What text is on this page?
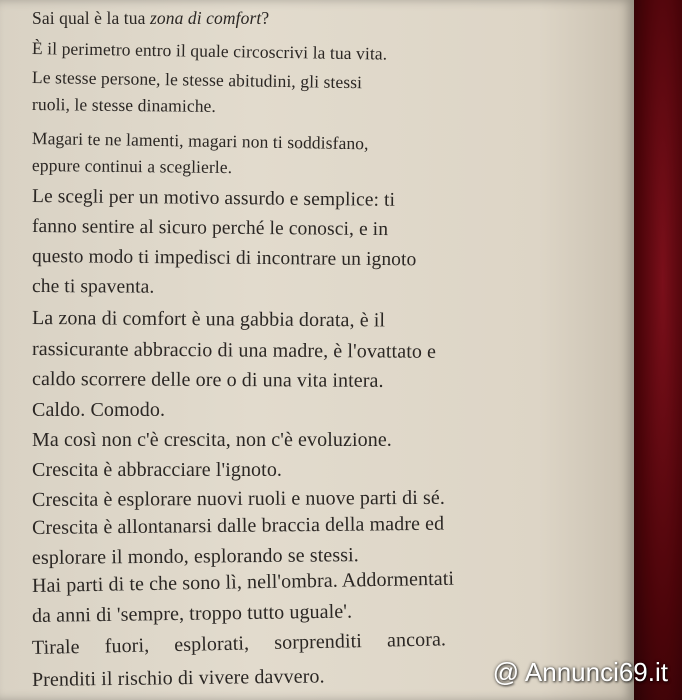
Sai qual è la tua zona di comfort?

È il perimetro entro il quale circoscrivi la tua vita.

Le stesse persone, le stesse abitudini, gli stessi

ruoli, le stesse dinamiche.

Magari te ne lamenti, magari non ti soddisfano,

eppure continui a sceglierle.

Le scegli per un motivo assurdo e semplice: ti

fanno sentire al sicuro perché le conosci, e in

questo modo ti impedisci di incontrare un ignoto

che ti spaventa.

La zona di comfort è una gabbia dorata, è il

rassicurante abbraccio di una madre, è l'ovattato e

caldo scorrere delle ore o di una vita intera.

Caldo. Comodo.

Ma così non c'è crescita, non c'è evoluzione.

Crescita è abbracciare l'ignoto.

Crescita è esplorare nuovi ruoli e nuove parti di sé.

Crescita è allontanarsi dalle braccia della madre ed

esplorare il mondo, esplorando se stessi.

Hai parti di te che sono lì, nell'ombra. Addormentati

da anni di 'sempre, troppo tutto uguale'.

Tirale fuori, esplorati, sorprenditi ancora.

Prenditi il rischio di vivere davvero.	@ Annunci69.it
